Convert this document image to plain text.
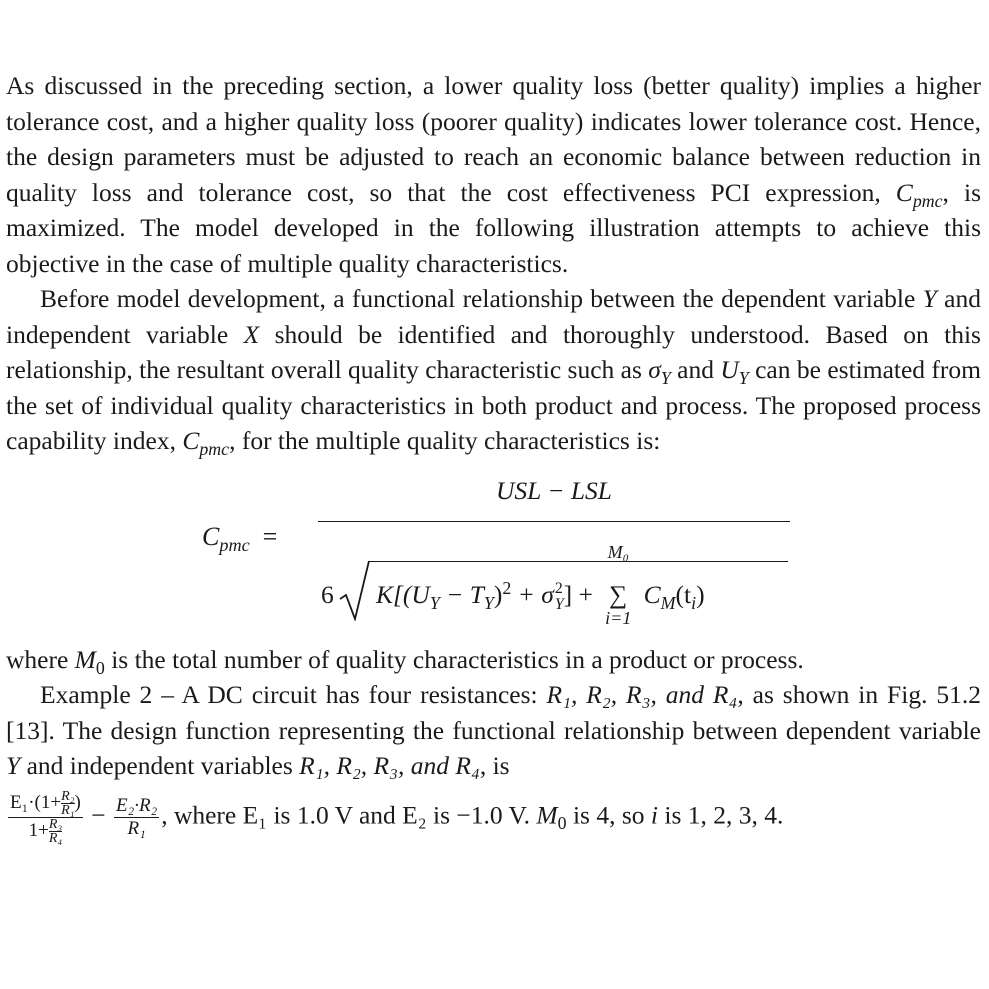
As discussed in the preceding section, a lower quality loss (better quality) implies a higher tolerance cost, and a higher quality loss (poorer quality) indicates lower tolerance cost. Hence, the design parameters must be adjusted to reach an economic balance between reduction in quality loss and tolerance cost, so that the cost effectiveness PCI expression, $C_{pmc}$, is maximized. The model developed in the following illustration attempts to achieve this objective in the case of multiple quality characteristics.

Before model development, a functional relationship between the dependent variable Y and independent variable X should be identified and thoroughly understood. Based on this relationship, the resultant overall quality characteristic such as $\sigma_Y$ and $U_Y$ can be estimated from the set of individual quality characteristics in both product and process. The proposed process capability index, $C_{pmc}$, for the multiple quality characteristics is:

$C_{pmc}$ =
USL − LSL
6 $K[(U_Y - T_Y)^2 + \sigma$ 2
Y ] +
M₀
∑
i=1
$C_M(t_i)$

where $M_0$ is the total number of quality characteristics in a product or process.

Example 2 – A DC circuit has four resistances: R₁, R₂, R₃, and R₄, as shown in Fig. 51.2 [13]. The design function representing the functional relationship between dependent variable Y and independent variables R₁, R₂, R₃, and R₄, is

$\frac{E_1\cdot(1+ \frac{\text{R₂}}{\text{R₁}} )}{1+ \frac{\text{R₃}}{\text{R₄}}} - \frac{\text{E₂·R₂}}{\text{R₁}}$ , where E₁ is 1.0 V and E₂ is −1.0 V. $M_0$ is 4, so i is 1, 2, 3, 4.
